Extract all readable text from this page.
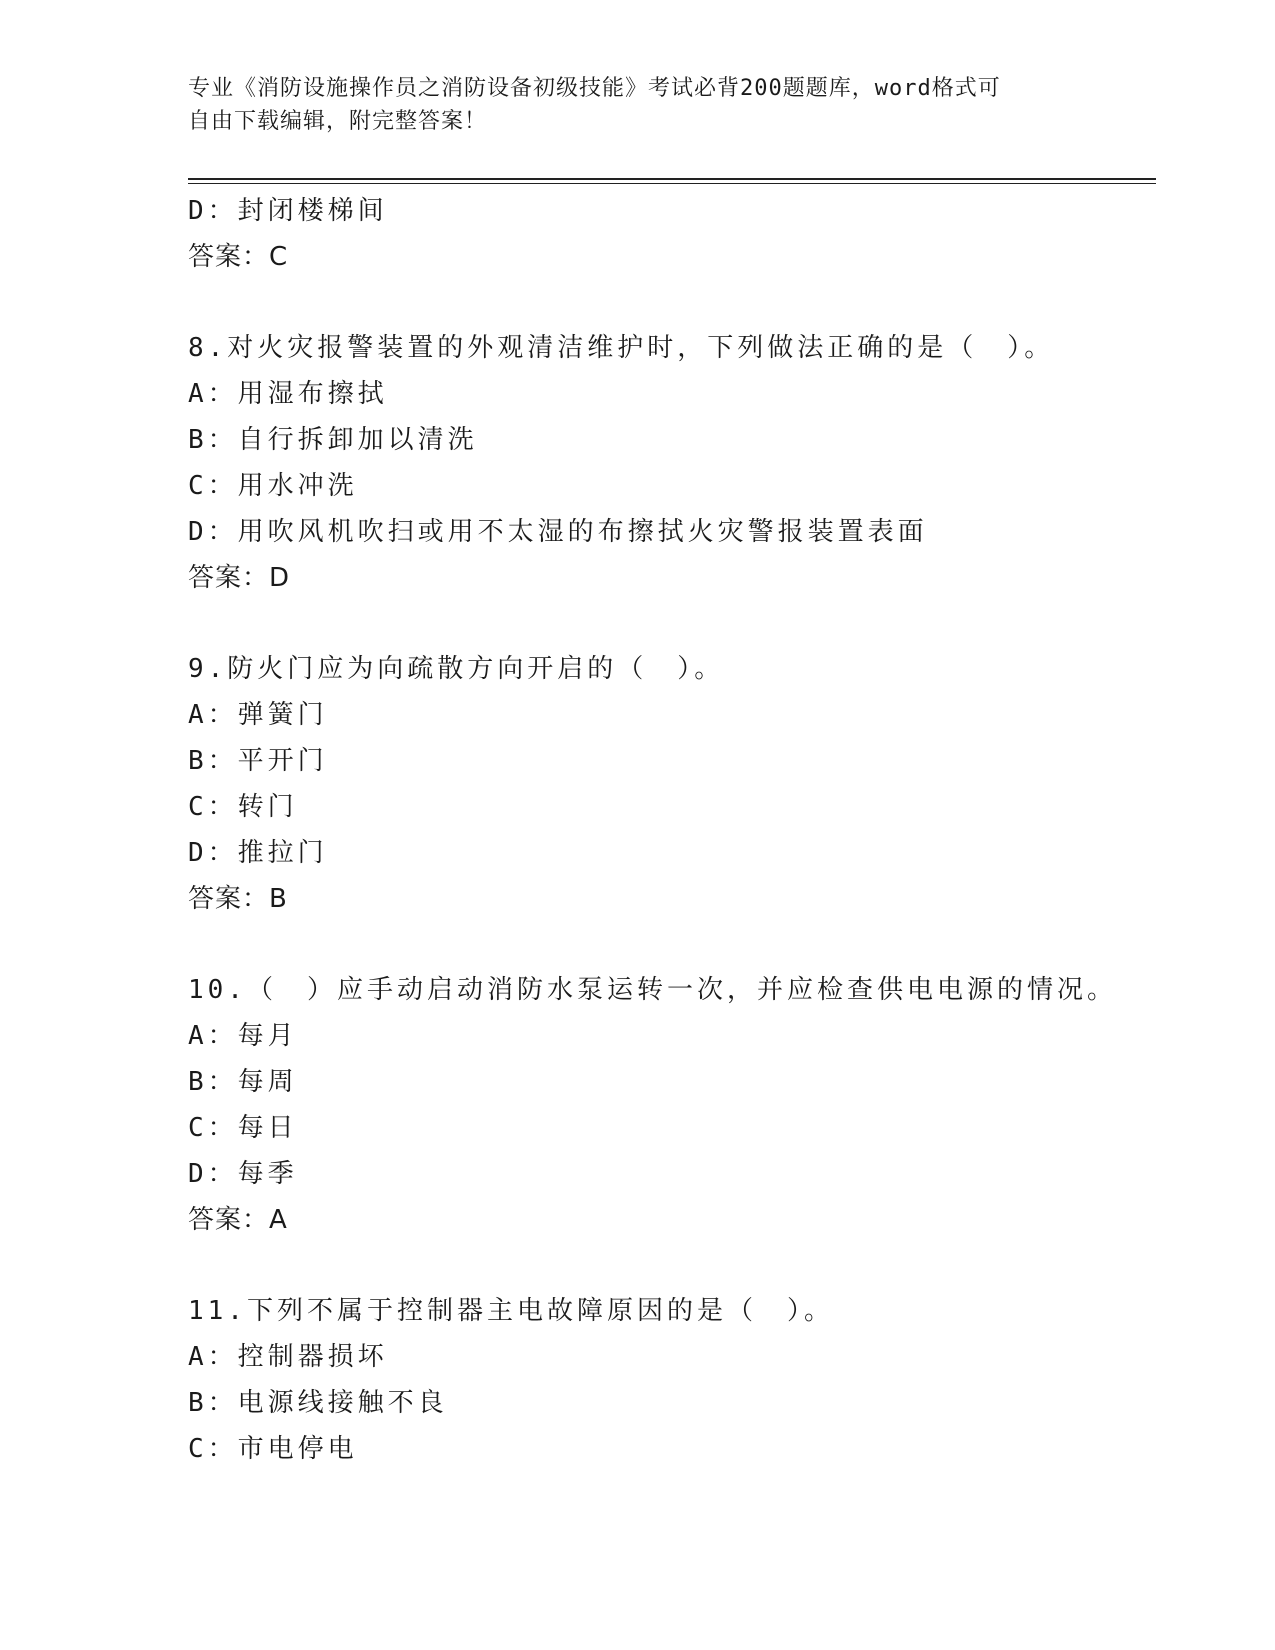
专业《消防设施操作员之消防设备初级技能》考试必背200题题库，word格式可
自由下载编辑，附完整答案！
D：封闭楼梯间
答案：C
8.对火灾报警装置的外观清洁维护时，下列做法正确的是（　）。
A：用湿布擦拭
B：自行拆卸加以清洗
C：用水冲洗
D：用吹风机吹扫或用不太湿的布擦拭火灾警报装置表面
答案：D
9.防火门应为向疏散方向开启的（　）。
A：弹簧门
B：平开门
C：转门
D：推拉门
答案：B
10.（　）应手动启动消防水泵运转一次，并应检查供电电源的情况。
A：每月
B：每周
C：每日
D：每季
答案：A
11.下列不属于控制器主电故障原因的是（　）。
A：控制器损坏
B：电源线接触不良
C：市电停电
